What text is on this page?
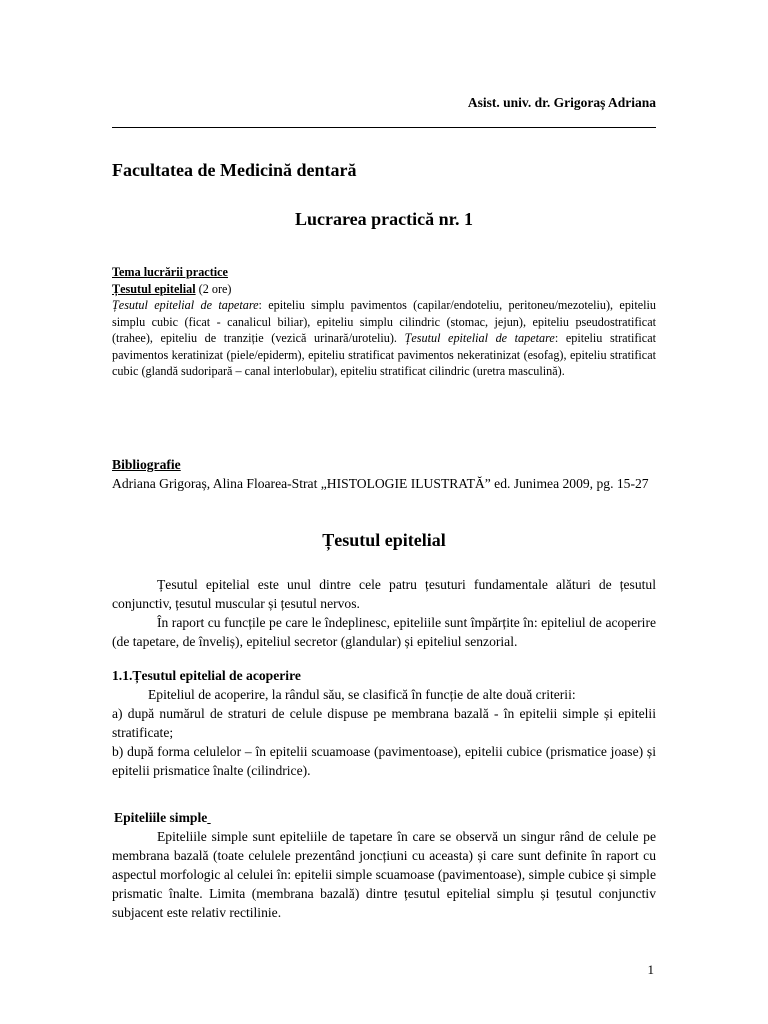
Asist. univ. dr. Grigoraș Adriana
Facultatea de Medicină dentară
Lucrarea practică nr. 1

Tema lucrării practice

Țesutul epitelial (2 ore)

Țesutul epitelial de tapetare: epiteliu simplu pavimentos (capilar/endoteliu, peritoneu/mezoteliu), epiteliu simplu cubic (ficat - canalicul biliar), epiteliu simplu cilindric (stomac, jejun), epiteliu pseudostratificat (trahee), epiteliu de tranziție (vezică urinară/uroteliu). Țesutul epitelial de tapetare: epiteliu stratificat pavimentos keratinizat (piele/epiderm), epiteliu stratificat pavimentos nekeratinizat (esofag), epiteliu stratificat cubic (glandă sudoripară – canal interlobular), epiteliu stratificat cilindric (uretra masculină).

Bibliografie

Adriana Grigoraș, Alina Floarea-Strat „HISTOLOGIE ILUSTRATĂ” ed. Junimea 2009, pg. 15-27

Țesutul epitelial

Țesutul epitelial este unul dintre cele patru țesuturi fundamentale alături de țesutul conjunctiv, țesutul muscular și țesutul nervos.

În raport cu funcțile pe care le îndeplinesc, epiteliile sunt împărțite în: epiteliul de acoperire (de tapetare, de înveliș), epiteliul secretor (glandular) și epiteliul senzorial.

1.1.Țesutul epitelial de acoperire

Epiteliul de acoperire, la rândul său, se clasifică în funcție de alte două criterii:

a) după numărul de straturi de celule dispuse pe membrana bazală - în epitelii simple și epitelii stratificate;

b) după forma celulelor – în epitelii scuamoase (pavimentoase), epitelii cubice (prismatice joase) și epitelii prismatice înalte (cilindrice).

Epiteliile simple

Epiteliile simple sunt epiteliile de tapetare în care se observă un singur rând de celule pe membrana bazală (toate celulele prezentând joncțiuni cu aceasta) și care sunt definite în raport cu aspectul morfologic al celulei în: epitelii simple scuamoase (pavimentoase), simple cubice și simple prismatic înalte. Limita (membrana bazală) dintre țesutul epitelial simplu și țesutul conjunctiv subjacent este relativ rectilinie.

1
